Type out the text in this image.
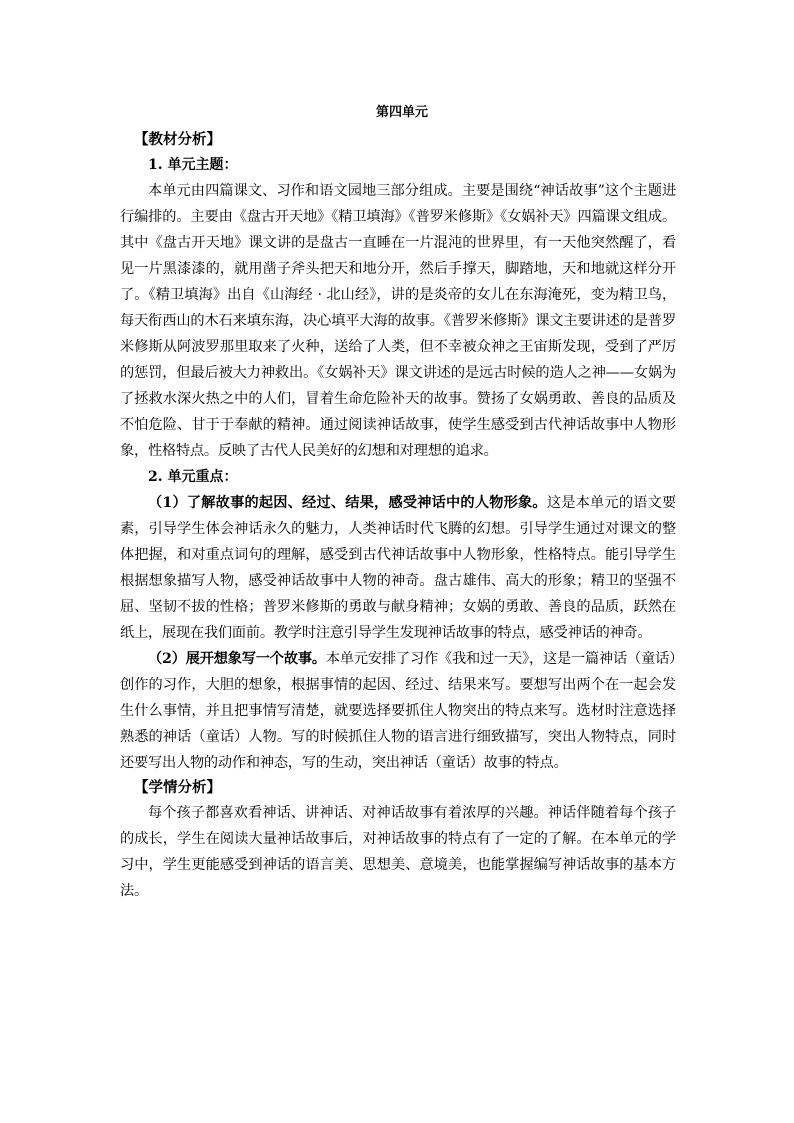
第四单元

【教材分析】

1. 单元主题：

本单元由四篇课文、习作和语文园地三部分组成。主要是围绕“神话故事”这个主题进行编排的。主要由《盘古开天地》《精卫填海》《普罗米修斯》《女娲补天》四篇课文组成。其中《盘古开天地》课文讲的是盘古一直睡在一片混沌的世界里，有一天他突然醒了，看见一片黑漆漆的，就用凿子斧头把天和地分开，然后手撑天，脚踏地，天和地就这样分开了。《精卫填海》出自《山海经 · 北山经》，讲的是炎帝的女儿在东海淹死，变为精卫鸟，每天衔西山的木石来填东海，决心填平大海的故事。《普罗米修斯》课文主要讲述的是普罗米修斯从阿波罗那里取来了火种，送给了人类，但不幸被众神之王宙斯发现，受到了严厉的惩罚，但最后被大力神救出。《女娲补天》课文讲述的是远古时候的造人之神——女娲为了拯救水深火热之中的人们，冒着生命危险补天的故事。赞扬了女娲勇敢、善良的品质及不怕危险、甘于于奉献的精神。通过阅读神话故事，使学生感受到古代神话故事中人物形象，性格特点。反映了古代人民美好的幻想和对理想的追求。

2. 单元重点：

（1）了解故事的起因、经过、结果，感受神话中的人物形象。这是本单元的语文要素，引导学生体会神话永久的魅力，人类神话时代飞腾的幻想。引导学生通过对课文的整体把握，和对重点词句的理解，感受到古代神话故事中人物形象，性格特点。能引导学生根据想象描写人物，感受神话故事中人物的神奇。盘古雄伟、高大的形象；精卫的坚强不屈、坚韧不拔的性格；普罗米修斯的勇敢与献身精神；女娲的勇敢、善良的品质，跃然在纸上，展现在我们面前。教学时注意引导学生发现神话故事的特点，感受神话的神奇。

（2）展开想象写一个故事。本单元安排了习作《我和过一天》，这是一篇神话（童话）创作的习作，大胆的想象，根据事情的起因、经过、结果来写。要想写出两个在一起会发生什么事情，并且把事情写清楚，就要选择要抓住人物突出的特点来写。选材时注意选择熟悉的神话（童话）人物。写的时候抓住人物的语言进行细致描写，突出人物特点，同时还要写出人物的动作和神态，写的生动，突出神话（童话）故事的特点。

【学情分析】

每个孩子都喜欢看神话、讲神话、对神话故事有着浓厚的兴趣。神话伴随着每个孩子的成长，学生在阅读大量神话故事后，对神话故事的特点有了一定的了解。在本单元的学习中，学生更能感受到神话的语言美、思想美、意境美，也能掌握编写神话故事的基本方法。
